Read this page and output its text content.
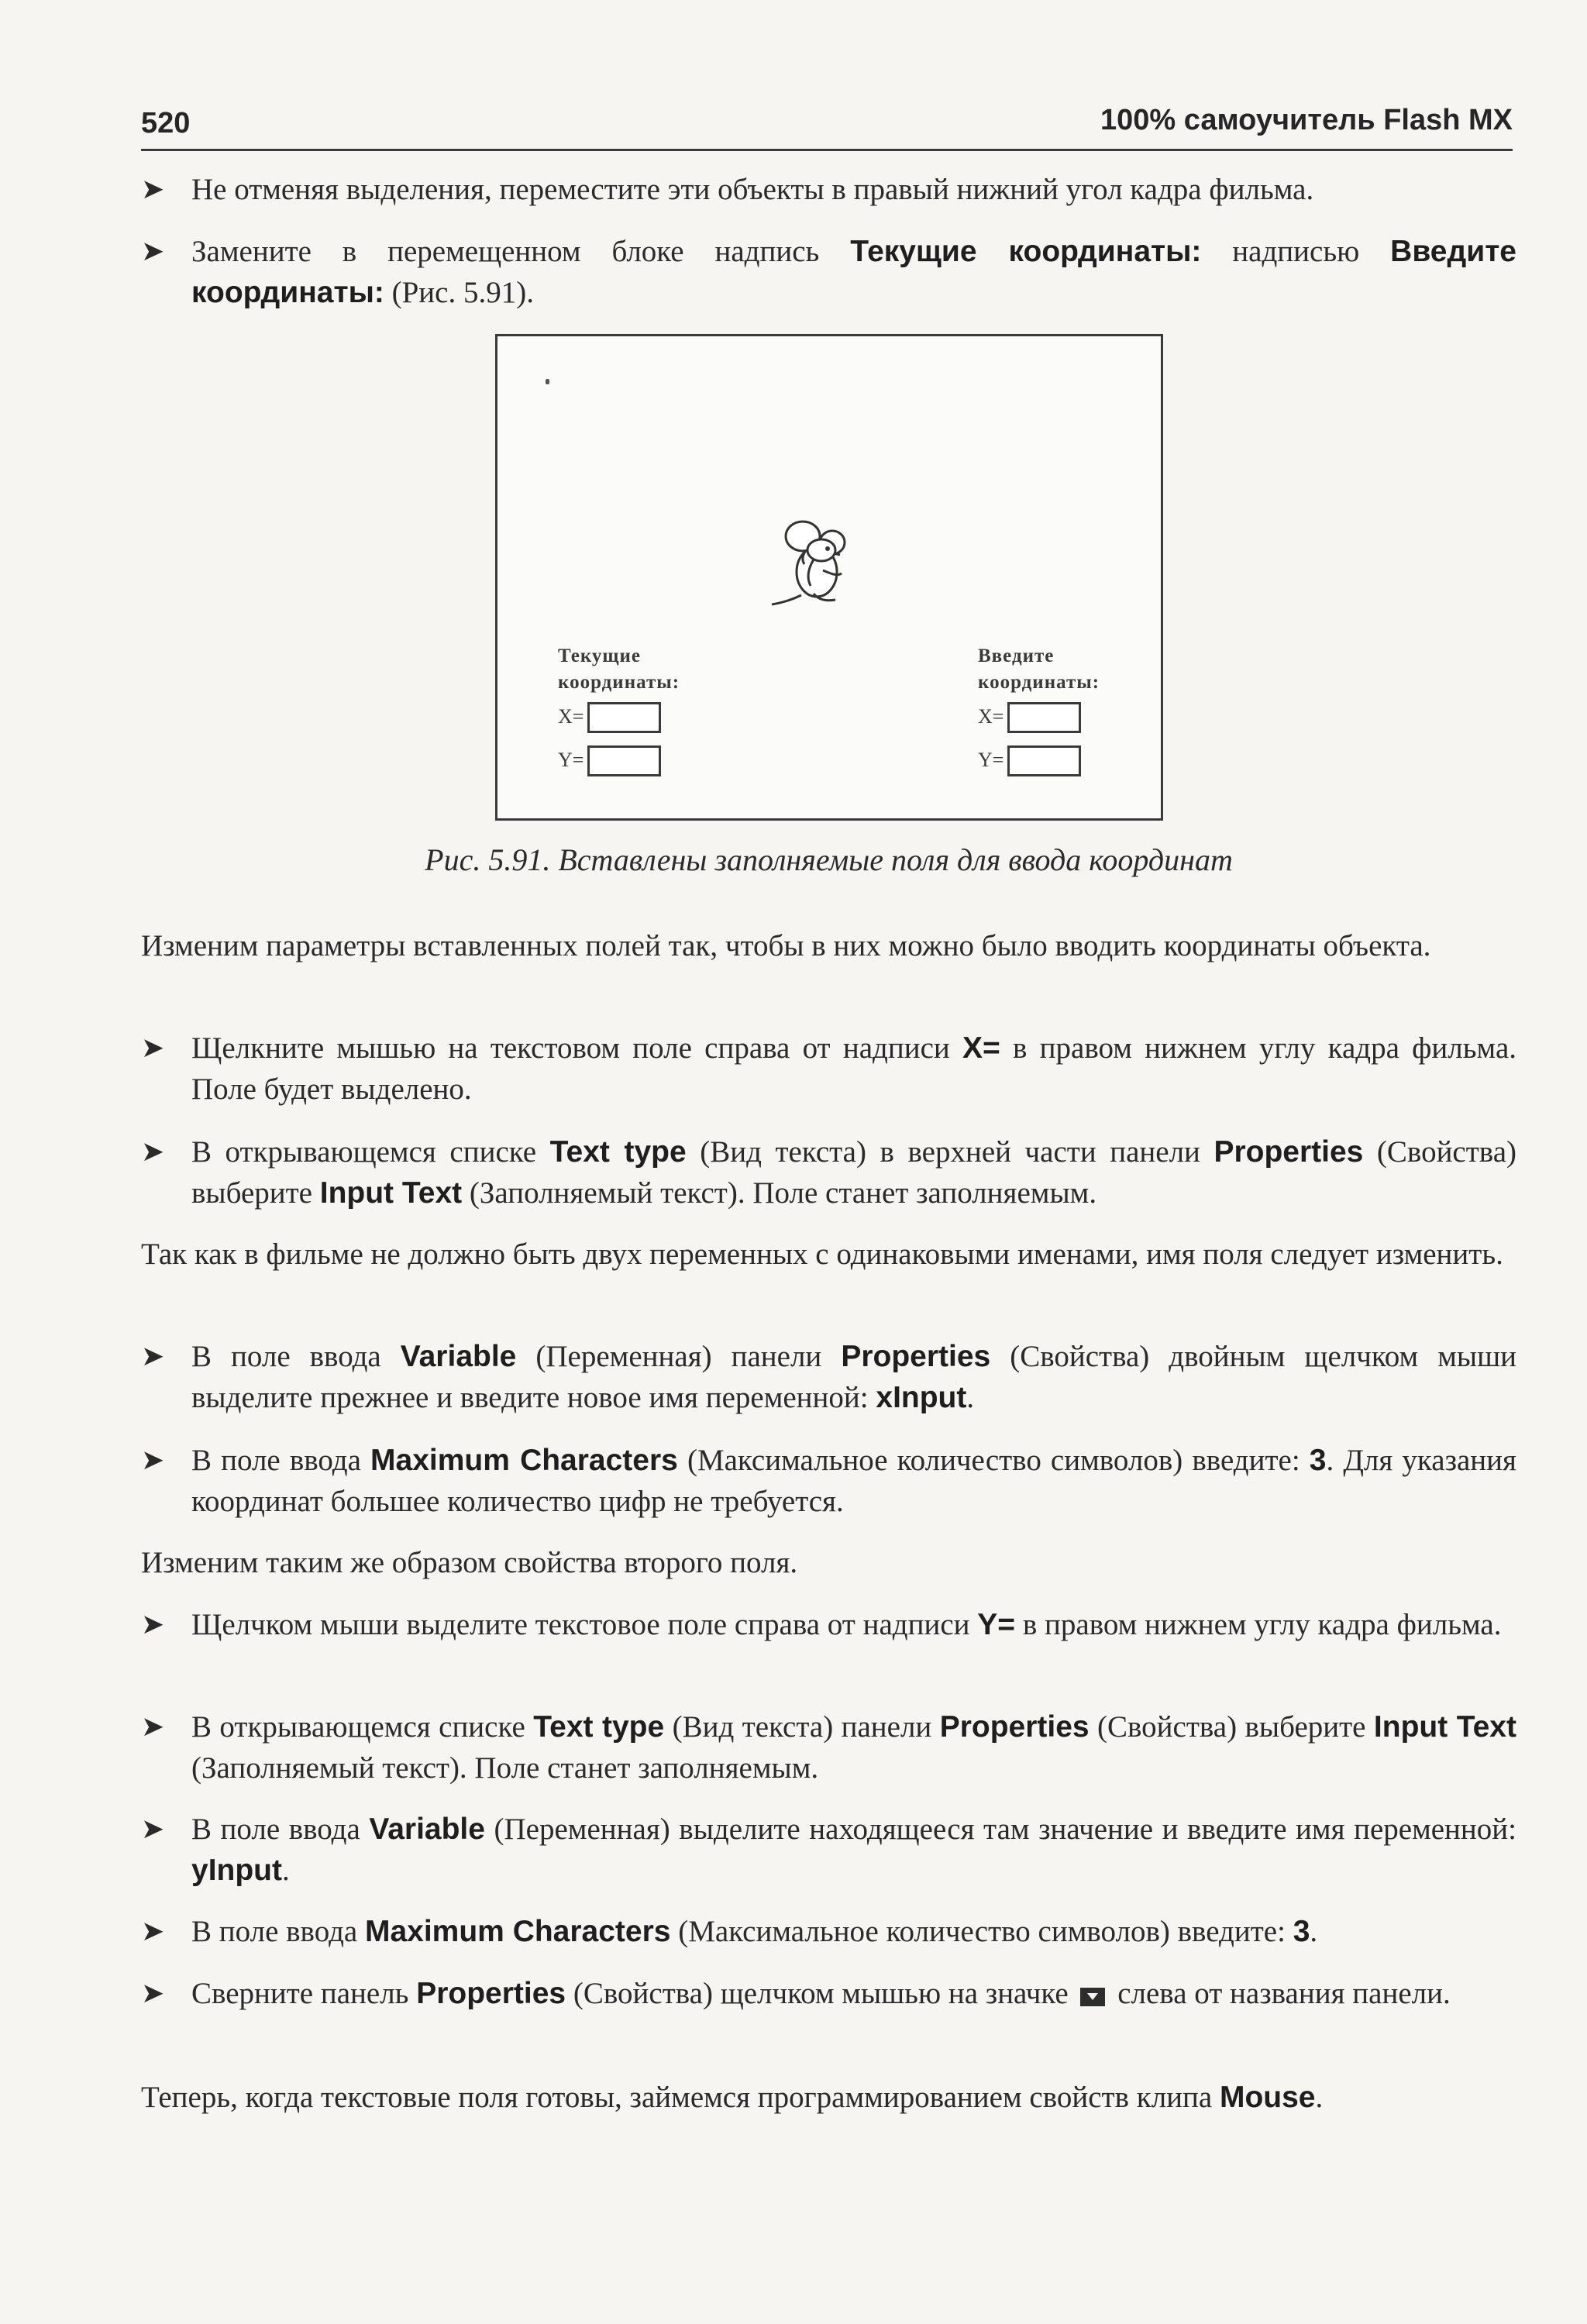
520	100% самоучитель Flash MX
➤ Не отменяя выделения, переместите эти объекты в правый нижний угол кадра фильма.
➤ Замените в перемещенном блоке надпись Текущие координаты: надписью Введите координаты: (Рис. 5.91).
Текущие
координаты:
X=
Y=
Введите
координаты:
X=
Y=
Рис. 5.91. Вставлены заполняемые поля для ввода координат
Изменим параметры вставленных полей так, чтобы в них можно было вводить координаты объекта.
➤ Щелкните мышью на текстовом поле справа от надписи X= в правом нижнем углу кадра фильма. Поле будет выделено.
➤ В открывающемся списке Text type (Вид текста) в верхней части панели Properties (Свойства) выберите Input Text (Заполняемый текст). Поле станет заполняемым.
Так как в фильме не должно быть двух переменных с одинаковыми именами, имя поля следует изменить.
➤ В поле ввода Variable (Переменная) панели Properties (Свойства) двойным щелчком мыши выделите прежнее и введите новое имя переменной: xInput.
➤ В поле ввода Maximum Characters (Максимальное количество символов) введите: 3. Для указания координат большее количество цифр не требуется.
Изменим таким же образом свойства второго поля.
➤ Щелчком мыши выделите текстовое поле справа от надписи Y= в правом нижнем углу кадра фильма.
➤ В открывающемся списке Text type (Вид текста) панели Properties (Свойства) выберите Input Text (Заполняемый текст). Поле станет заполняемым.
➤ В поле ввода Variable (Переменная) выделите находящееся там значение и введите имя переменной: yInput.
➤ В поле ввода Maximum Characters (Максимальное количество символов) введите: 3.
➤ Сверните панель Properties (Свойства) щелчком мышью на значке  слева от названия панели.
Теперь, когда текстовые поля готовы, займемся программированием свойств клипа Mouse.
